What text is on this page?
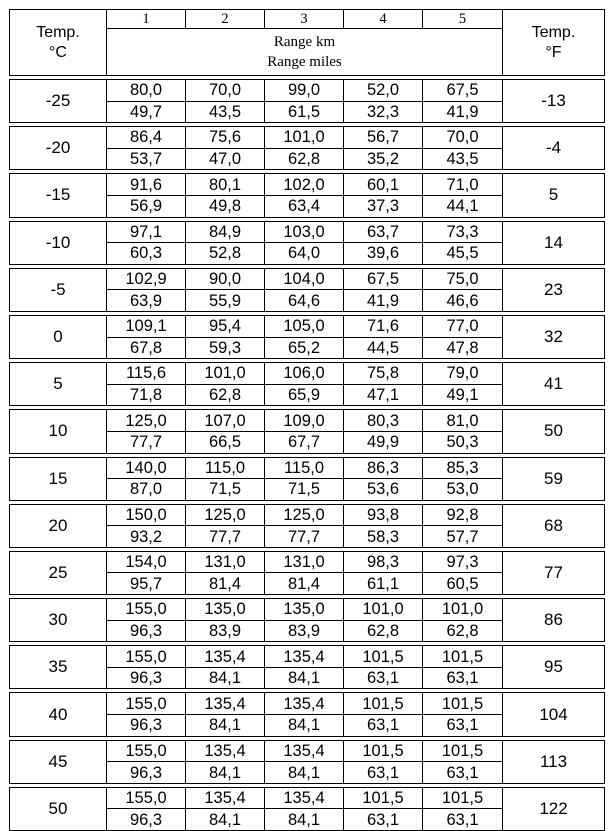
Temp.
°C	1	2	3	4	5	Temp.
°F

	Range km
Range miles					

-25	80,0	70,0	99,0	52,0	67,5	-13
	49,7	43,5	61,5	32,3	41,9	

-20	86,4	75,6	101,0	56,7	70,0	-4
	53,7	47,0	62,8	35,2	43,5	

-15	91,6	80,1	102,0	60,1	71,0	5
	56,9	49,8	63,4	37,3	44,1	

-10	97,1	84,9	103,0	63,7	73,3	14
	60,3	52,8	64,0	39,6	45,5	

-5	102,9	90,0	104,0	67,5	75,0	23
	63,9	55,9	64,6	41,9	46,6	

0	109,1	95,4	105,0	71,6	77,0	32
	67,8	59,3	65,2	44,5	47,8	

5	115,6	101,0	106,0	75,8	79,0	41
	71,8	62,8	65,9	47,1	49,1	

10	125,0	107,0	109,0	80,3	81,0	50
	77,7	66,5	67,7	49,9	50,3	

15	140,0	115,0	115,0	86,3	85,3	59
	87,0	71,5	71,5	53,6	53,0	

20	150,0	125,0	125,0	93,8	92,8	68
	93,2	77,7	77,7	58,3	57,7	

25	154,0	131,0	131,0	98,3	97,3	77
	95,7	81,4	81,4	61,1	60,5	

30	155,0	135,0	135,0	101,0	101,0	86
	96,3	83,9	83,9	62,8	62,8	

35	155,0	135,4	135,4	101,5	101,5	95
	96,3	84,1	84,1	63,1	63,1	

40	155,0	135,4	135,4	101,5	101,5	104
	96,3	84,1	84,1	63,1	63,1	

45	155,0	135,4	135,4	101,5	101,5	113
	96,3	84,1	84,1	63,1	63,1	

50	155,0	135,4	135,4	101,5	101,5	122
	96,3	84,1	84,1	63,1	63,1	
